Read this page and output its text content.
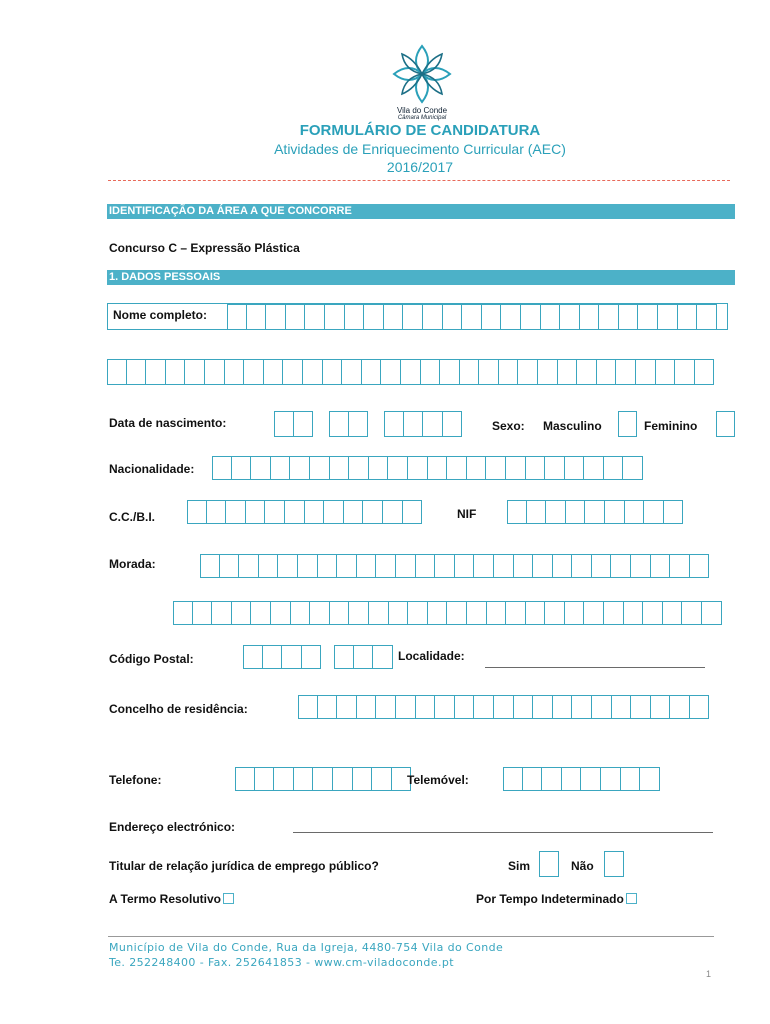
Vila do Conde
Câmara Municipal
FORMULÁRIO DE CANDIDATURA
Atividades de Enriquecimento Curricular (AEC)
2016/2017
IDENTIFICAÇÃO DA ÁREA A QUE CONCORRE
Concurso C – Expressão Plástica
1. DADOS PESSOAIS
Nome completo:
Data de nascimento:	Sexo: Masculino	Feminino
Nacionalidade:
C.C./B.I.	NIF
Morada:
Código Postal:	Localidade:
Concelho de residência:
Telefone:	Telemóvel:
Endereço electrónico:
Titular de relação jurídica de emprego público?	Sim	Não
A Termo Resolutivo	Por Tempo Indeterminado
Município de Vila do Conde, Rua da Igreja, 4480-754 Vila do Conde
Te. 252248400 - Fax. 252641853 - www.cm-viladoconde.pt
1
